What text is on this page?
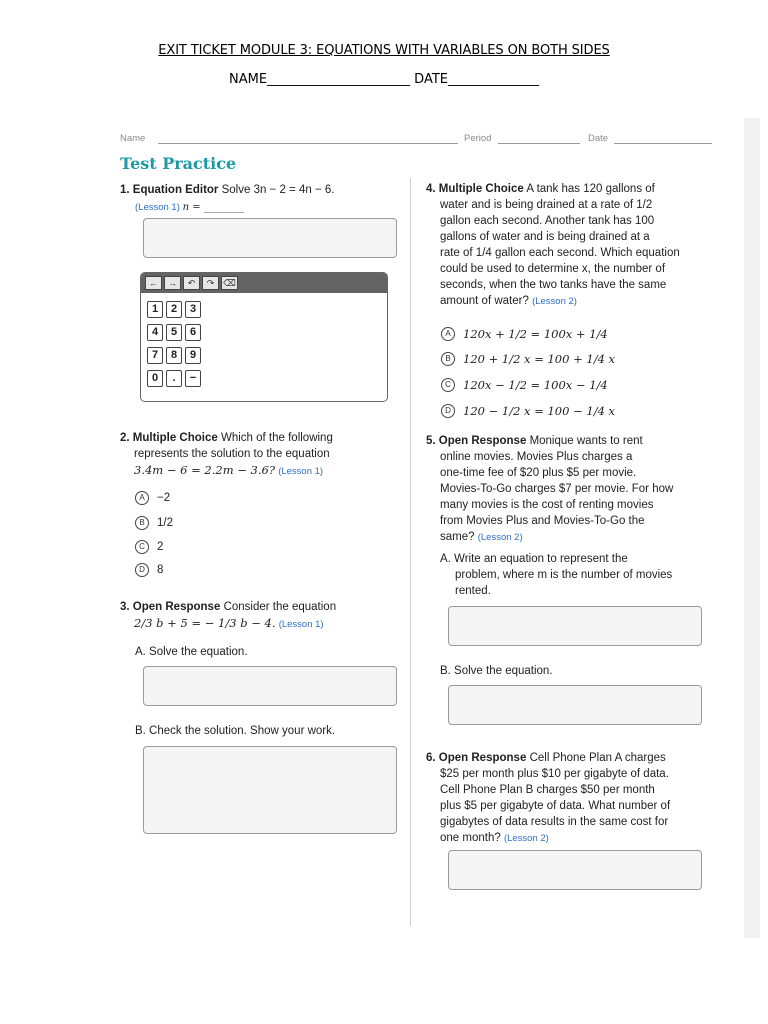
EXIT TICKET MODULE 3: EQUATIONS WITH VARIABLES ON BOTH SIDES
NAME______________________ DATE______________
Name	Period	Date
Test Practice
1. Equation Editor Solve 3n − 2 = 4n − 6.
(Lesson 1) n = ________
←	→	↶	↷ ⌫
1	2	3
4	5	6
7	8	9
0	.	−
2. Multiple Choice Which of the following
represents the solution to the equation
3.4m − 6 = 2.2m − 3.6? (Lesson 1)
A	−2
B	1/2
C	2
D	8
3. Open Response Consider the equation
2/3 b + 5 = − 1/3 b − 4. (Lesson 1)
A. Solve the equation.
B. Check the solution. Show your work.
4. Multiple Choice A tank has 120 gallons of
water and is being drained at a rate of 1/2
gallon each second. Another tank has 100
gallons of water and is being drained at a
rate of 1/4 gallon each second. Which equation
could be used to determine x, the number of
seconds, when the two tanks have the same
amount of water? (Lesson 2)
A	120x + 1/2 = 100x + 1/4
B	120 + 1/2 x = 100 + 1/4 x
C	120x − 1/2 = 100x − 1/4
D	120 − 1/2 x = 100 − 1/4 x
5. Open Response Monique wants to rent
online movies. Movies Plus charges a
one-time fee of $20 plus $5 per movie.
Movies-To-Go charges $7 per movie. For how
many movies is the cost of renting movies
from Movies Plus and Movies-To-Go the
same? (Lesson 2)
A. Write an equation to represent the
problem, where m is the number of movies
rented.
B. Solve the equation.
6. Open Response Cell Phone Plan A charges
$25 per month plus $10 per gigabyte of data.
Cell Phone Plan B charges $50 per month
plus $5 per gigabyte of data. What number of
gigabytes of data results in the same cost for
one month? (Lesson 2)
